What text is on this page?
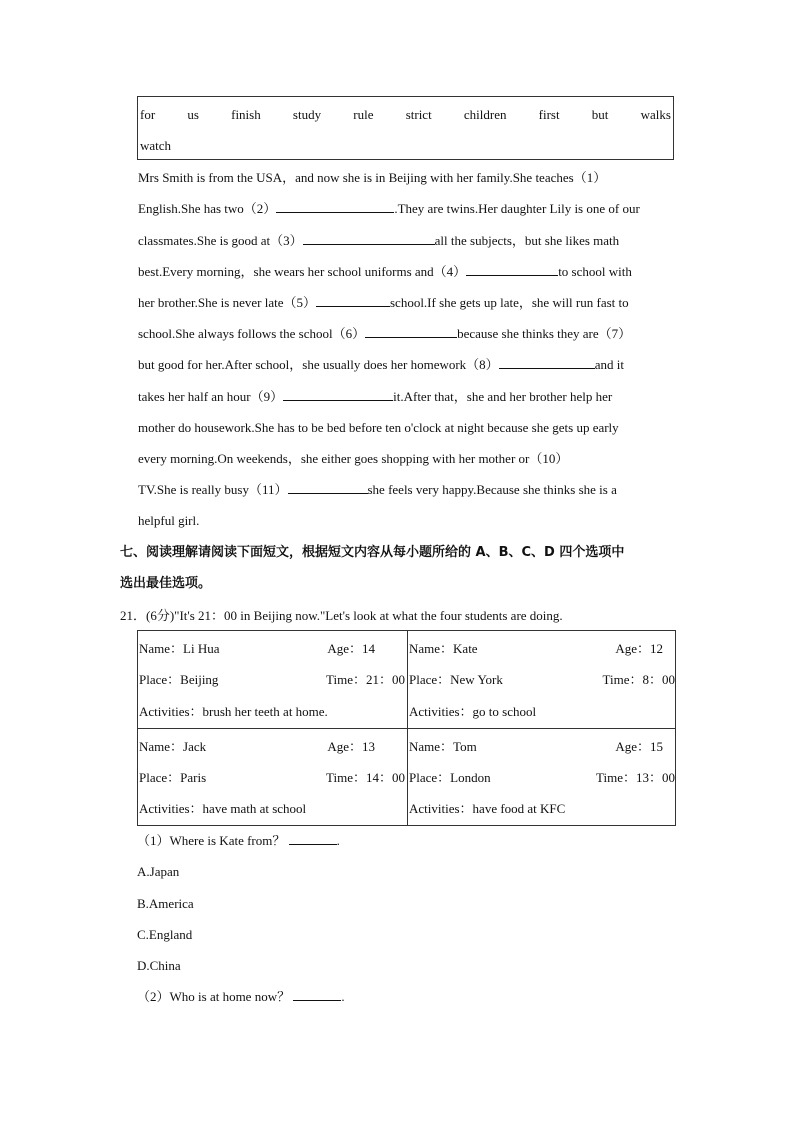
for us finish study rule strict children first but walks
watch
Mrs Smith is from the USA，and now she is in Beijing with her family.She teaches（1）
English.She has two（2）	.They are twins.Her daughter Lily is one of our
classmates.She is good at（3）	all the subjects，but she likes math
best.Every morning，she wears her school uniforms and（4）	to school with
her brother.She is never late（5）	school.If she gets up late，she will run fast to
school.She always follows the school（6）	because she thinks they are（7）
but good for her.After school，she usually does her homework（8）	and it
takes her half an hour（9）	it.After that，she and her brother help her
mother do housework.She has to be bed before ten o'clock at night because she gets up early
every morning.On weekends，she either goes shopping with her mother or（10）
TV.She is really busy（11）	she feels very happy.Because she thinks she is a
helpful girl.
七、阅读理解请阅读下面短文，根据短文内容从每小题所给的 A、B、C、D 四个选项中
选出最佳选项。
21．(6分)"It's 21：00 in Beijing now."Let's look at what the four students are doing.
Name：Li Hua	Age：14
Place：Beijing	Time：21：00
Activities：brush her teeth at home.
Name：Kate	Age：12
Place：New York	Time：8：00
Activities：go to school
Name：Jack	Age：13
Place：Paris	Time：14：00
Activities：have math at school
Name：Tom	Age：15
Place：London	Time：13：00
Activities：have food at KFC
（1）Where is Kate from？	.
A.Japan
B.America
C.England
D.China
（2）Who is at home now？	.
